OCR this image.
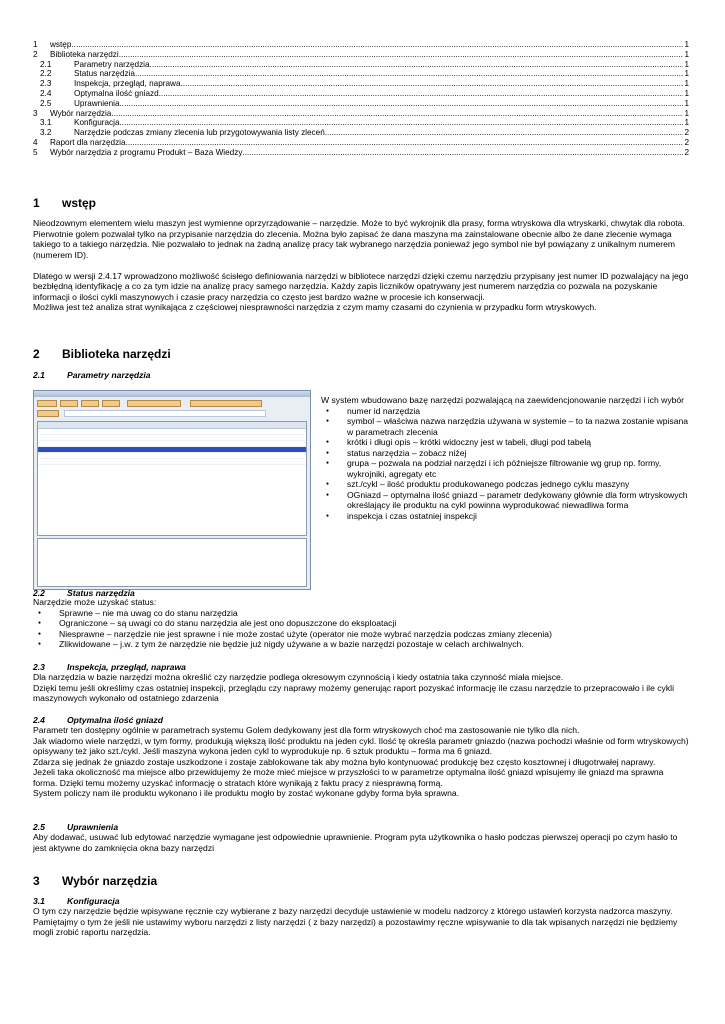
1	wstęp .....	1
2	Biblioteka narzędzi .....	1
2.1	Parametry narzędzia .....	1
2.2	Status narzędzia .....	1
2.3	Inspekcja, przegląd, naprawa .....	1
2.4	Optymalna ilość gniazd .....	1
2.5	Uprawnienia .....	1
3	Wybór narzędzia .....	1
3.1	Konfiguracja .....	1
3.2	Narzędzie podczas zmiany zlecenia lub przygotowywania listy zleceń .....	2
4	Raport dla narzędzia .....	2
5	Wybór narzędzia z programu Produkt – Baza Wiedzy .....	2
1 wstęp
Nieodzownym elementem wielu maszyn jest wymienne oprzyrządowanie – narzędzie. Może to być wykrojnik dla prasy, forma wtryskowa dla wtryskarki, chwytak dla robota.
Pierwotnie golem pozwalał tylko na przypisanie narzędzia do zlecenia. Można było zapisać że dana maszyna ma zainstalowane obecnie albo że dane zlecenie wymaga takiego to a takiego narzędzia. Nie pozwalało to jednak na żadną analizę pracy tak wybranego narzędzia ponieważ jego symbol nie był powiązany z unikalnym numerem (numerem ID).
Dlatego w wersji 2.4.17 wprowadzono możliwość ścisłego definiowania narzędzi w bibliotece narzędzi dzięki czemu narzędziu przypisany jest numer ID pozwalający na jego bezbłędną identyfikację a co za tym idzie na analizę pracy samego narzędzia. Każdy zapis liczników opatrywany jest numerem narzędzia co pozwala na pozyskanie informacji o ilości cykli maszynowych i czasie pracy narzędzia co często jest bardzo ważne w procesie ich konserwacji.
Możliwa jest też analiza strat wynikająca z częściowej niesprawności narzędzia z czym mamy czasami do czynienia w przypadku form wtryskowych.
2 Biblioteka narzędzi
2.1	Parametry narzędzia
W system wbudowano bazę narzędzi pozwalającą na zaewidencjonowanie narzędzi i ich wybór
● numer id narzędzia
● symbol – właściwa nazwa narzędzia używana w systemie – to ta nazwa zostanie wpisana w parametrach zlecenia
● krótki i długi opis – krótki widoczny jest w tabeli, długi pod tabelą
● status narzędzia – zobacz niżej
● grupa – pozwala na podział narzędzi i ich późniejsze filtrowanie wg grup np. formy, wykrojniki, agregaty etc
● szt./cykl – ilość produktu produkowanego podczas jednego cyklu maszyny
● OGniazd – optymalna ilość gniazd – parametr dedykowany głównie dla form wtryskowych określający ile produktu na cykl powinna wyprodukować niewadliwa forma
● inspekcja i czas ostatniej inspekcji
2.2	Status narzędzia
Narzędzie może uzyskać status:
● Sprawne – nie ma uwag co do stanu narzędzia
● Ograniczone – są uwagi co do stanu narzędzia ale jest ono dopuszczone do eksploatacji
● Niesprawne – narzędzie nie jest sprawne i nie może zostać użyte (operator nie może wybrać narzędzia podczas zmiany zlecenia)
● Zlikwidowane – j.w. z tym że narzędzie nie będzie już nigdy używane a w bazie narzędzi pozostaje w celach archiwalnych.
2.3	Inspekcja, przegląd, naprawa
Dla narzędzia w bazie narzędzi można określić czy narzędzie podlega okresowym czynnością i kiedy ostatnia taka czynność miała miejsce.
Dzięki temu jeśli określimy czas ostatniej inspekcji, przeglądu czy naprawy możemy generując raport pozyskać informację ile czasu narzędzie to przepracowało i ile cykli maszynowych wykonało od ostatniego zdarzenia
2.4	Optymalna ilość gniazd
Parametr ten dostępny ogólnie w parametrach systemu Golem dedykowany jest dla form wtryskowych choć ma zastosowanie nie tylko dla nich.
Jak wiadomo wiele narzędzi, w tym formy, produkują większą ilość produktu na jeden cykl. Ilość tę określa parametr gniazdo (nazwa pochodzi właśnie od form wtryskowych) opisywany też jako szt./cykl. Jeśli maszyna wykona jeden cykl to wyprodukuje np. 6 sztuk produktu – forma ma 6 gniazd.
Zdarza się jednak że gniazdo zostaje uszkodzone i zostaje zablokowane tak aby można było kontynuować produkcję bez często kosztownej i długotrwałej naprawy.
Jeżeli taka okoliczność ma miejsce albo przewidujemy że może mieć miejsce w przyszłości to w parametrze optymalna ilość gniazd wpisujemy ile gniazd ma sprawna forma. Dzięki temu możemy uzyskać informację o stratach które wynikają z faktu pracy z niesprawną formą.
System policzy nam ile produktu wykonano i ile produktu mogło by zostać wykonane gdyby forma była sprawna.
2.5	Uprawnienia
Aby dodawać, usuwać lub edytować narzędzie wymagane jest odpowiednie uprawnienie. Program pyta użytkownika o hasło podczas pierwszej operacji po czym hasło to jest aktywne do zamknięcia okna bazy narzędzi
3 Wybór narzędzia
3.1	Konfiguracja
O tym czy narzędzie będzie wpisywane ręcznie czy wybierane z bazy narzędzi decyduje ustawienie w modelu nadzorcy z którego ustawień korzysta nadzorca maszyny.
Pamiętajmy o tym że jeśli nie ustawimy wyboru narzędzi z listy narzędzi ( z bazy narzędzi) a pozostawimy ręczne wpisywanie to dla tak wpisanych narzędzi nie będziemy mogli zrobić raportu narzędzia.
